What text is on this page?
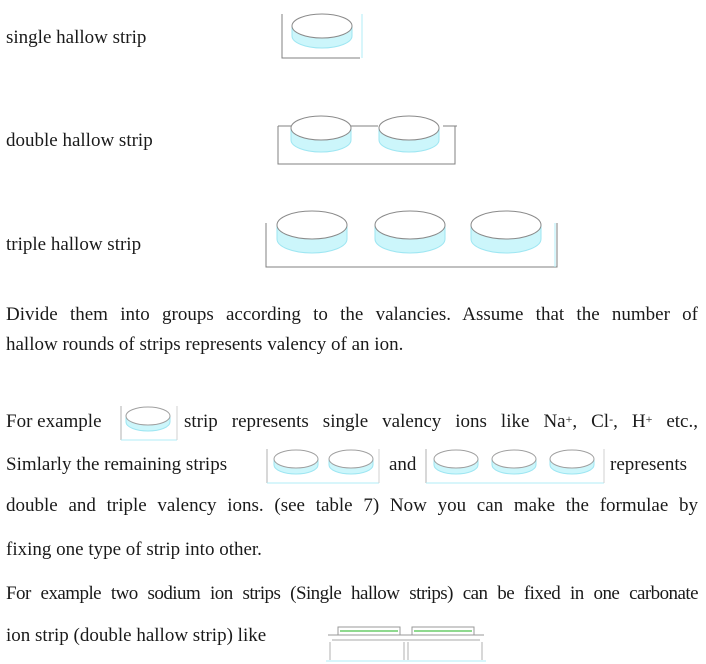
single hallow strip
double hallow strip
triple hallow strip
Divide them into groups according to the valancies. Assume that the number of
hallow rounds of strips represents valency of an ion.
For example	strip represents single valency ions like Na+, Cl-, H+ etc.,
Simlarly the remaining strips	and	represents
double and triple valency ions. (see table 7) Now you can make the formulae by
fixing one type of strip into other.
For example two sodium ion strips (Single hallow strips) can be fixed in one carbonate
ion strip (double hallow strip) like
